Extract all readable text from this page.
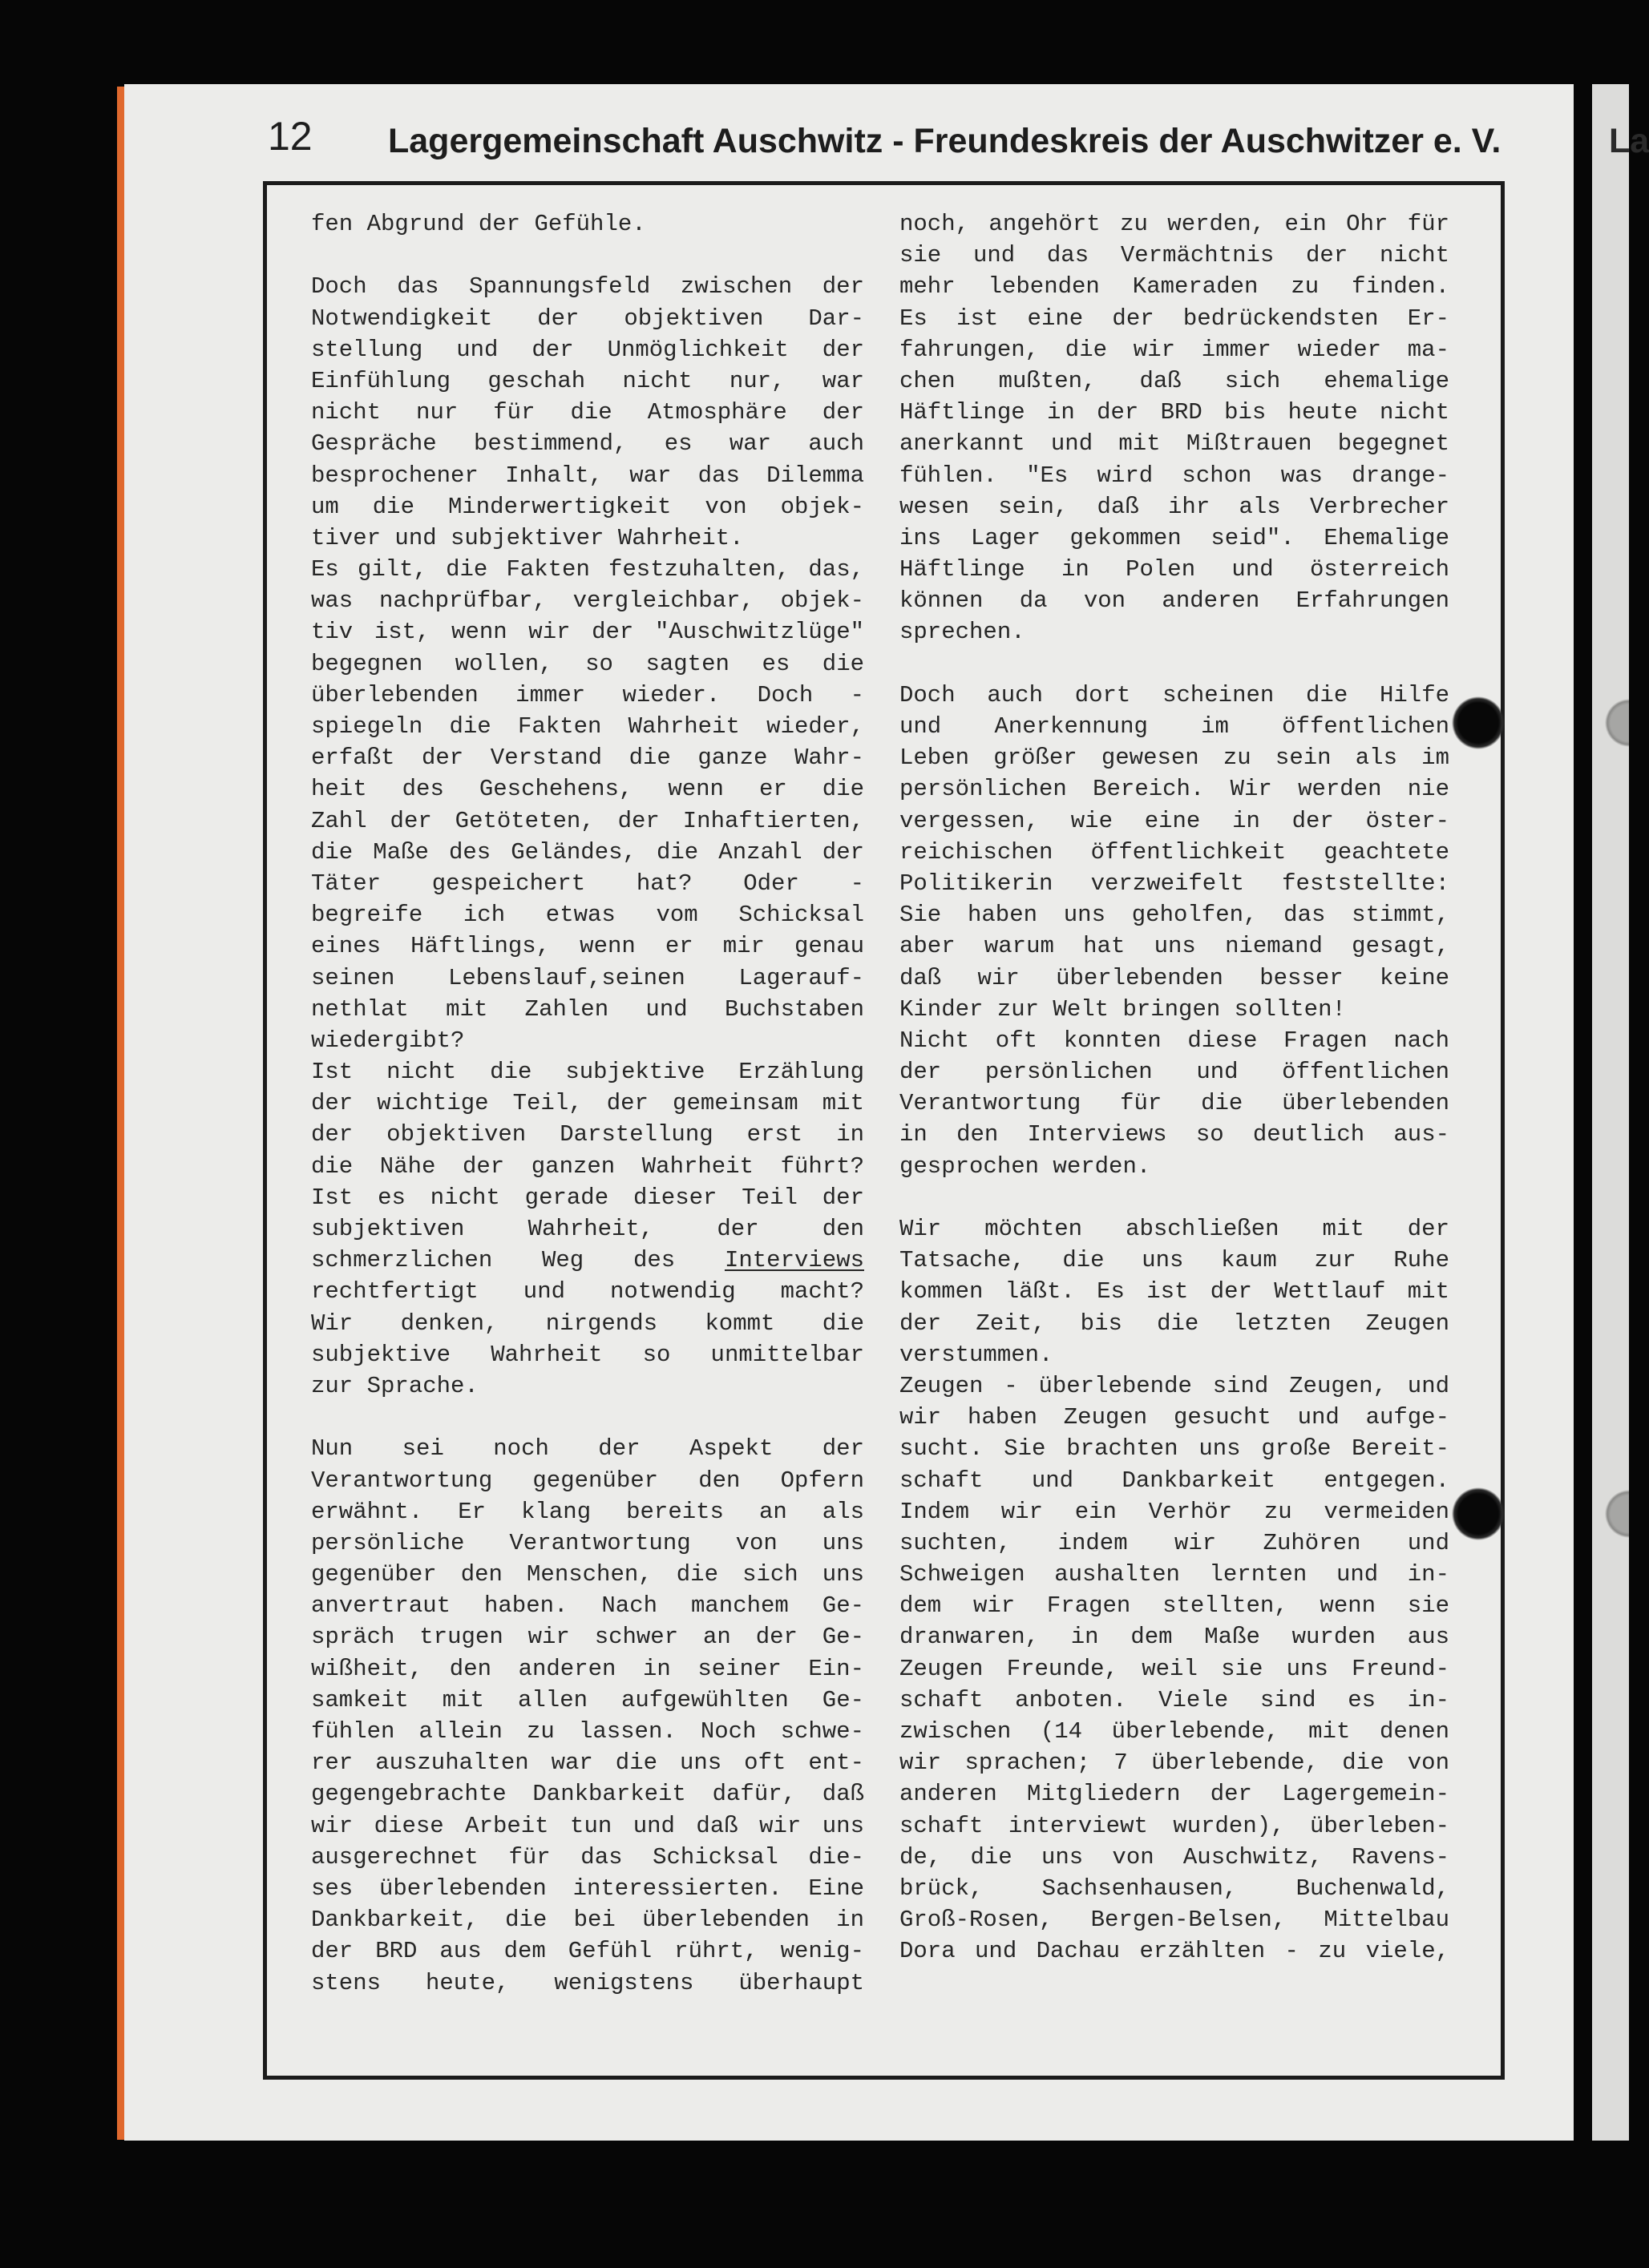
12 Lagergemeinschaft Auschwitz - Freundeskreis der Auschwitzer e. V.
fen Abgrund der Gefühle.
Doch das Spannungsfeld zwischen der
Notwendigkeit der objektiven Dar-
stellung und der Unmöglichkeit der
Einfühlung geschah nicht nur, war
nicht nur für die Atmosphäre der
Gespräche bestimmend, es war auch
besprochener Inhalt, war das Dilemma
um die Minderwertigkeit von objek-
tiver und subjektiver Wahrheit.
Es gilt, die Fakten festzuhalten, das,
was nachprüfbar, vergleichbar, objek-
tiv ist, wenn wir der "Auschwitzlüge"
begegnen wollen, so sagten es die
überlebenden immer wieder. Doch -
spiegeln die Fakten Wahrheit wieder,
erfaßt der Verstand die ganze Wahr-
heit des Geschehens, wenn er die
Zahl der Getöteten, der Inhaftierten,
die Maße des Geländes, die Anzahl der
Täter gespeichert hat? Oder -
begreife ich etwas vom Schicksal
eines Häftlings, wenn er mir genau
seinen Lebenslauf,seinen Lagerauf-
nethlat mit Zahlen und Buchstaben
wiedergibt?
Ist nicht die subjektive Erzählung
der wichtige Teil, der gemeinsam mit
der objektiven Darstellung erst in
die Nähe der ganzen Wahrheit führt?
Ist es nicht gerade dieser Teil der
subjektiven Wahrheit, der den
schmerzlichen Weg des Interviews
rechtfertigt und notwendig macht?
Wir denken, nirgends kommt die
subjektive Wahrheit so unmittelbar
zur Sprache.
Nun sei noch der Aspekt der
Verantwortung gegenüber den Opfern
erwähnt. Er klang bereits an als
persönliche Verantwortung von uns
gegenüber den Menschen, die sich uns
anvertraut haben. Nach manchem Ge-
spräch trugen wir schwer an der Ge-
wißheit, den anderen in seiner Ein-
samkeit mit allen aufgewühlten Ge-
fühlen allein zu lassen. Noch schwe-
rer auszuhalten war die uns oft ent-
gegengebrachte Dankbarkeit dafür, daß
wir diese Arbeit tun und daß wir uns
ausgerechnet für das Schicksal die-
ses überlebenden interessierten. Eine
Dankbarkeit, die bei überlebenden in
der BRD aus dem Gefühl rührt, wenig-
stens heute, wenigstens überhaupt
noch, angehört zu werden, ein Ohr für
sie und das Vermächtnis der nicht
mehr lebenden Kameraden zu finden.
Es ist eine der bedrückendsten Er-
fahrungen, die wir immer wieder ma-
chen mußten, daß sich ehemalige
Häftlinge in der BRD bis heute nicht
anerkannt und mit Mißtrauen begegnet
fühlen. "Es wird schon was drange-
wesen sein, daß ihr als Verbrecher
ins Lager gekommen seid". Ehemalige
Häftlinge in Polen und österreich
können da von anderen Erfahrungen
sprechen.
Doch auch dort scheinen die Hilfe
und Anerkennung im öffentlichen
Leben größer gewesen zu sein als im
persönlichen Bereich. Wir werden nie
vergessen, wie eine in der öster-
reichischen öffentlichkeit geachtete
Politikerin verzweifelt feststellte:
Sie haben uns geholfen, das stimmt,
aber warum hat uns niemand gesagt,
daß wir überlebenden besser keine
Kinder zur Welt bringen sollten!
Nicht oft konnten diese Fragen nach
der persönlichen und öffentlichen
Verantwortung für die überlebenden
in den Interviews so deutlich aus-
gesprochen werden.
Wir möchten abschließen mit der
Tatsache, die uns kaum zur Ruhe
kommen läßt. Es ist der Wettlauf mit
der Zeit, bis die letzten Zeugen
verstummen.
Zeugen - überlebende sind Zeugen, und
wir haben Zeugen gesucht und aufge-
sucht. Sie brachten uns große Bereit-
schaft und Dankbarkeit entgegen.
Indem wir ein Verhör zu vermeiden
suchten, indem wir Zuhören und
Schweigen aushalten lernten und in-
dem wir Fragen stellten, wenn sie
dranwaren, in dem Maße wurden aus
Zeugen Freunde, weil sie uns Freund-
schaft anboten. Viele sind es in-
zwischen (14 überlebende, mit denen
wir sprachen; 7 überlebende, die von
anderen Mitgliedern der Lagergemein-
schaft interviewt wurden), überleben-
de, die uns von Auschwitz, Ravens-
brück, Sachsenhausen, Buchenwald,
Groß-Rosen, Bergen-Belsen, Mittelbau
Dora und Dachau erzählten - zu viele,
La
